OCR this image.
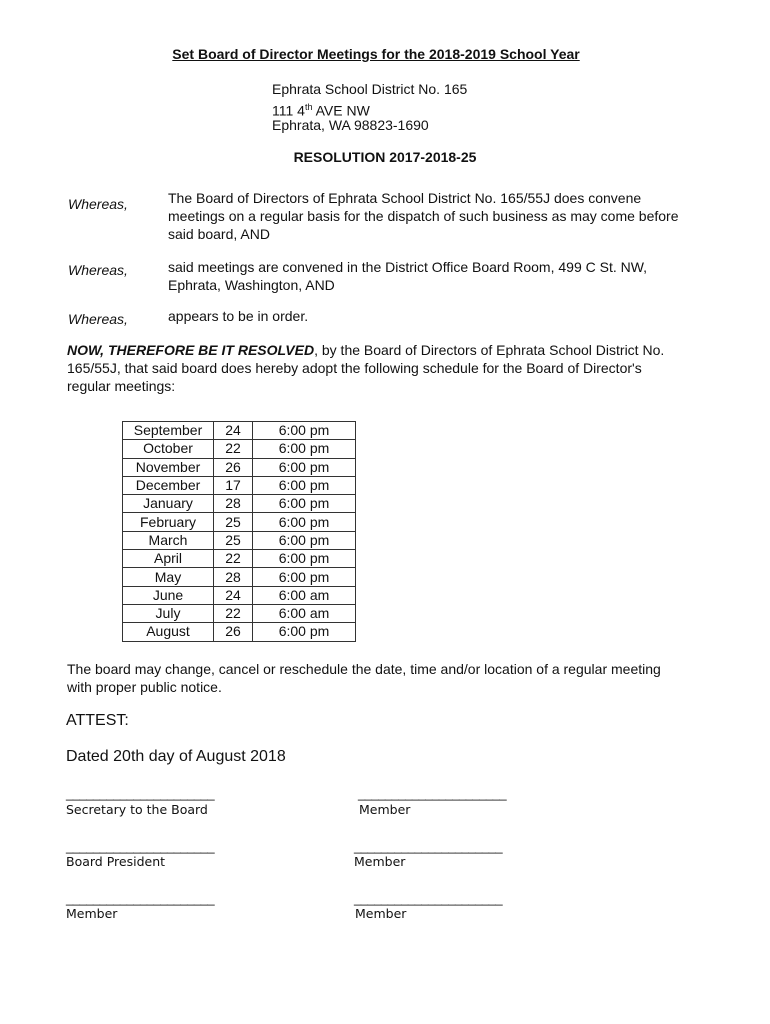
Set Board of Director Meetings for the 2018-2019 School Year
Ephrata School District No. 165
111 4th AVE NW
Ephrata, WA 98823-1690
RESOLUTION 2017-2018-25
Whereas,	The Board of Directors of Ephrata School District No. 165/55J does convene meetings on a regular basis for the dispatch of such business as may come before said board, AND
Whereas,	said meetings are convened in the District Office Board Room, 499 C St. NW, Ephrata, Washington, AND
Whereas,	appears to be in order.
NOW, THEREFORE BE IT RESOLVED, by the Board of Directors of Ephrata School District No. 165/55J, that said board does hereby adopt the following schedule for the Board of Director's regular meetings:
September	24	6:00 pm
October	22	6:00 pm
November	26	6:00 pm
December	17	6:00 pm
January	28	6:00 pm
February	25	6:00 pm
March	25	6:00 pm
April	22	6:00 pm
May	28	6:00 pm
June	24	6:00 am
July	22	6:00 am
August	26	6:00 pm
The board may change, cancel or reschedule the date, time and/or location of a regular meeting with proper public notice.
ATTEST:
Dated 20th day of August 2018
______________________
Secretary to the Board
______________________
Member
______________________
Board President
______________________
Member
______________________
Member
______________________
Member
